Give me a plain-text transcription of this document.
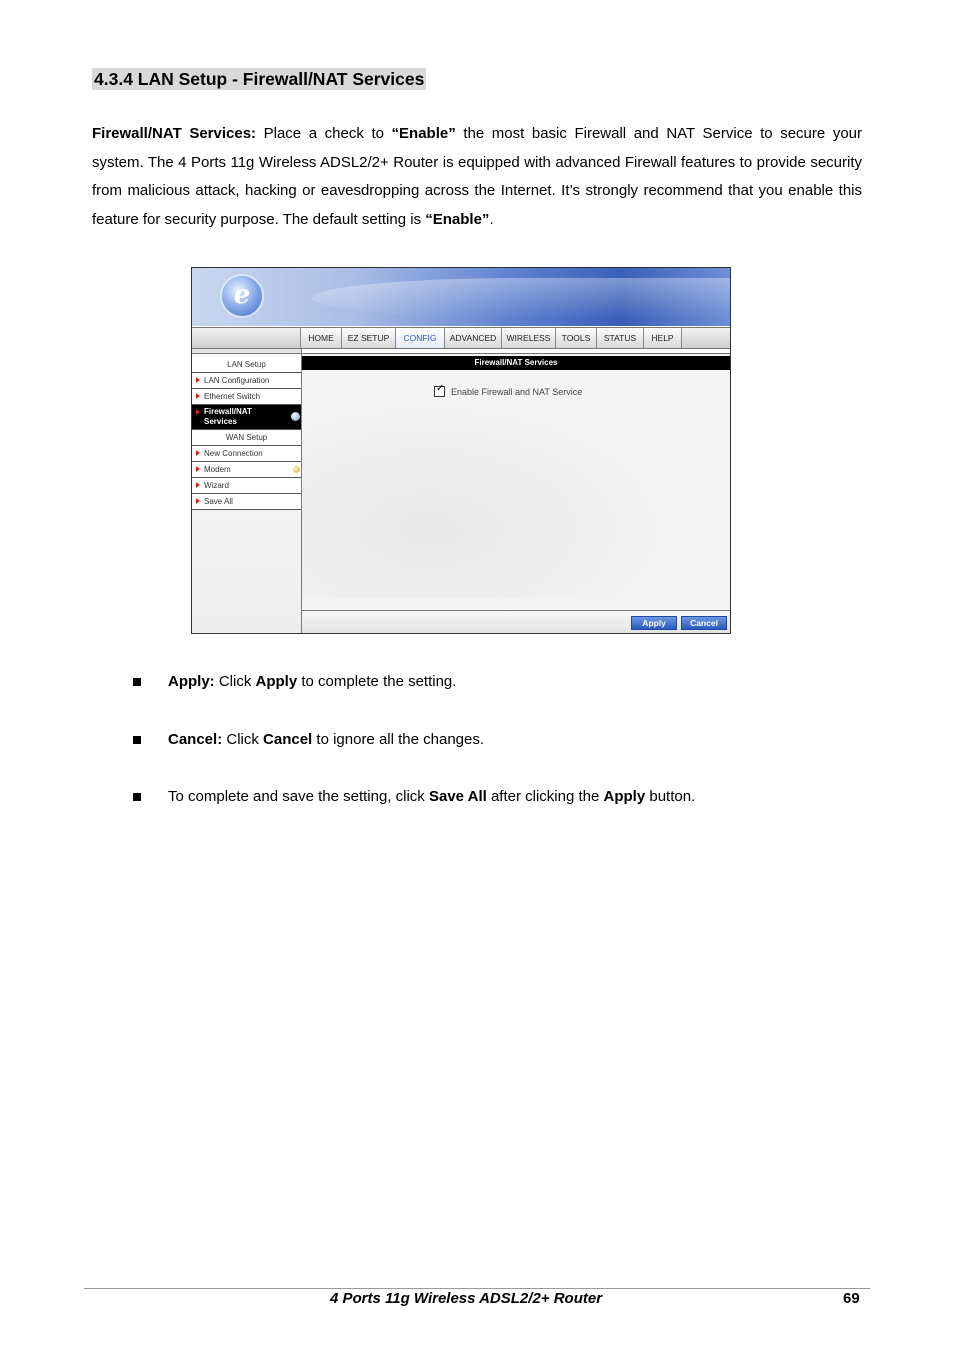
4.3.4 LAN Setup - Firewall/NAT Services
Firewall/NAT Services: Place a check to “Enable” the most basic Firewall and NAT Service to secure your system. The 4 Ports 11g Wireless ADSL2/2+ Router is equipped with advanced Firewall features to provide security from malicious attack, hacking or eavesdropping across the Internet. It’s strongly recommend that you enable this feature for security purpose. The default setting is “Enable”.
e
HOME	EZ SETUP	CONFIG	ADVANCED	WIRELESS	TOOLS	STATUS	HELP
LAN Setup
LAN Configuration
Ethernet Switch
Firewall/NAT Services
WAN Setup
New Connection
Modem
Wizard
Save All
Firewall/NAT Services
✓ Enable Firewall and NAT Service
Apply	Cancel
Apply: Click Apply to complete the setting.
Cancel: Click Cancel to ignore all the changes.
To complete and save the setting, click Save All after clicking the Apply button.
4 Ports 11g Wireless ADSL2/2+ Router	69
